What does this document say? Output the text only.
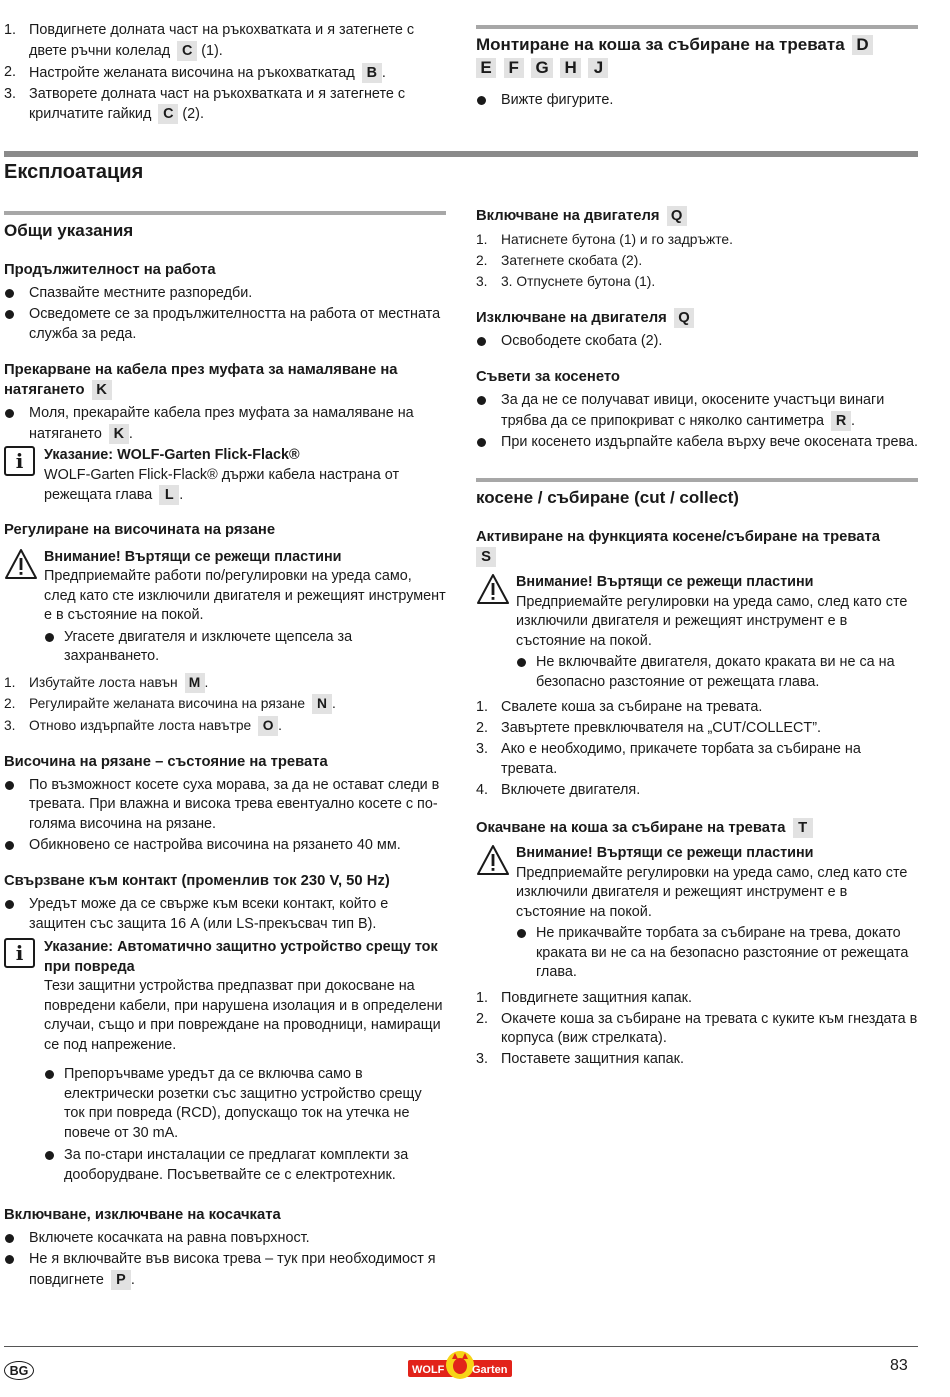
1. Повдигнете долната част на ръкохватката и я затегнете с двете ръчни колелад C (1).
2. Настройте желаната височина на ръкохваткатад B .
3. Затворете долната част на ръкохватката и я затегнете с крилчатите гайкид C (2).
Монтиране на коша за събиране на тревата D
E F G H J
Вижте фигурите.
Експлоатация
Общи указания
Продължителност на работа
Спазвайте местните разпоредби.
Осведомете се за продължителността на работа от местната служба за реда.
Прекарване на кабела през муфата за намаляване на натягането K
Моля, прекарайте кабела през муфата за намаляване на натягането K .
i	Указание: WOLF-Garten Flick-Flack®
WOLF-Garten Flick-Flack® държи кабела настрана от режещата глава L .
Регулиране на височината на рязане
Внимание! Въртящи се режещи пластини
Предприемайте работи по/регулировки на уреда само, след като сте изключили двигателя и режещият инструмент е в състояние на покой.
Угасете двигателя и изключете щепсела за захранването.
1. Избутайте лоста навън M .
2. Регулирайте желаната височина на рязане N .
3. Отново издърпайте лоста навътре O .
Височина на рязане – състояние на тревата
По възможност косете суха морава, за да не остават следи в тревата. При влажна и висока трева евентуално косете с по-голяма височина на рязане.
Обикновено се настройва височина на рязането 40 мм.
Свързване към контакт (променлив ток 230 V, 50 Hz)
Уредът може да се свърже към всеки контакт, който е защитен със защита 16 A (или LS-прекъсвач тип B).
i	Указание: Автоматично защитно устройство срещу ток при повреда
Тези защитни устройства предпазват при докосване на повредени кабели, при нарушена изолация и в определени случаи, също и при повреждане на проводници, намиращи се под напрежение.
Препоръчваме уредът да се включва само в електрически розетки със защитно устройство срещу ток при повреда (RCD), допускащо ток на утечка не повече от 30 mA.
За по-стари инсталации се предлагат комплекти за дооборудване. Посъветвайте се с електротехник.
Включване, изключване на косачката
Включете косачката на равна повърхност.
Не я включвайте във висока трева – тук при необходимост я повдигнете P .
Включване на двигателя Q
1. Натиснете бутона (1) и го задръжте.
2. Затегнете скобата (2).
3. 3. Отпуснете бутона (1).
Изключване на двигателя Q
Освободете скобата (2).
Съвети за косенето
За да не се получават ивици, окосените участъци винаги трябва да се припокриват с няколко сантиметра R .
При косенето издърпайте кабела върху вече окосената трева.
косене / събиране (cut / collect)
Активиране на функцията косене/събиране на тревата
S
Внимание! Въртящи се режещи пластини
Предприемайте регулировки на уреда само, след като сте изключили двигателя и режещият инструмент е в състояние на покой.
Не включвайте двигателя, докато краката ви не са на безопасно разстояние от режещата глава.
1. Свалете коша за събиране на тревата.
2. Завъртете превключвателя на „CUT/COLLECT”.
3. Ако е необходимо, прикачете торбата за събиране на тревата.
4. Включете двигателя.
Окачване на коша за събиране на тревата T
Внимание! Въртящи се режещи пластини
Предприемайте регулировки на уреда само, след като сте изключили двигателя и режещият инструмент е в състояние на покой.
Не прикачвайте торбата за събиране на трева, докато краката ви не са на безопасно разстояние от режещата глава.
1. Повдигнете защитния капак.
2. Окачете коша за събиране на тревата с куките към гнездата в корпуса (виж стрелката).
3. Поставете защитния капак.
BG	WOLF	Garten	83
